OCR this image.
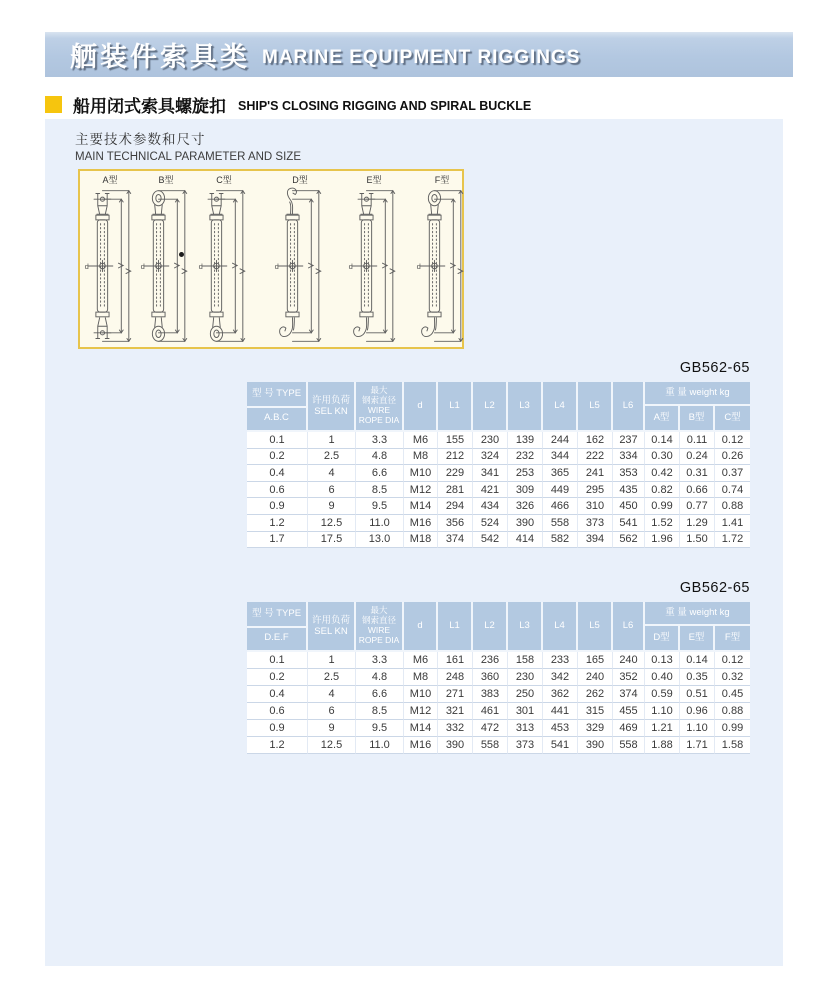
舾装件索具类 MARINE EQUIPMENT RIGGINGS
船用闭式索具螺旋扣 SHIP'S CLOSING RIGGING AND SPIRAL BUCKLE
主要技术参数和尺寸
MAIN TECHNICAL PARAMETER AND SIZE
A型
d
B型
d
C型
d
D型
d
E型
d
F型
d
GB562-65
型 号 TYPE
A.B.C
许用负荷
SEL KN
最大
钢索直径
WIRE
ROPE DIA
d	L1	L2	L3	L4	L5	L6
重 量 weight kg
A型	B型	C型
0.1	1	3.3	M6	155	230	139	244	162	237	0.14	0.11	0.12
0.2	2.5	4.8	M8	212	324	232	344	222	334	0.30	0.24	0.26
0.4	4	6.6	M10	229	341	253	365	241	353	0.42	0.31	0.37
0.6	6	8.5	M12	281	421	309	449	295	435	0.82	0.66	0.74
0.9	9	9.5	M14	294	434	326	466	310	450	0.99	0.77	0.88
1.2	12.5	11.0	M16	356	524	390	558	373	541	1.52	1.29	1.41
1.7	17.5	13.0	M18	374	542	414	582	394	562	1.96	1.50	1.72
GB562-65
型 号 TYPE
D.E.F
许用负荷
SEL KN
最大
钢索直径
WIRE
ROPE DIA
d	L1	L2	L3	L4	L5	L6
重 量 weight kg
D型	E型	F型
0.1	1	3.3	M6	161	236	158	233	165	240	0.13	0.14	0.12
0.2	2.5	4.8	M8	248	360	230	342	240	352	0.40	0.35	0.32
0.4	4	6.6	M10	271	383	250	362	262	374	0.59	0.51	0.45
0.6	6	8.5	M12	321	461	301	441	315	455	1.10	0.96	0.88
0.9	9	9.5	M14	332	472	313	453	329	469	1.21	1.10	0.99
1.2	12.5	11.0	M16	390	558	373	541	390	558	1.88	1.71	1.58
